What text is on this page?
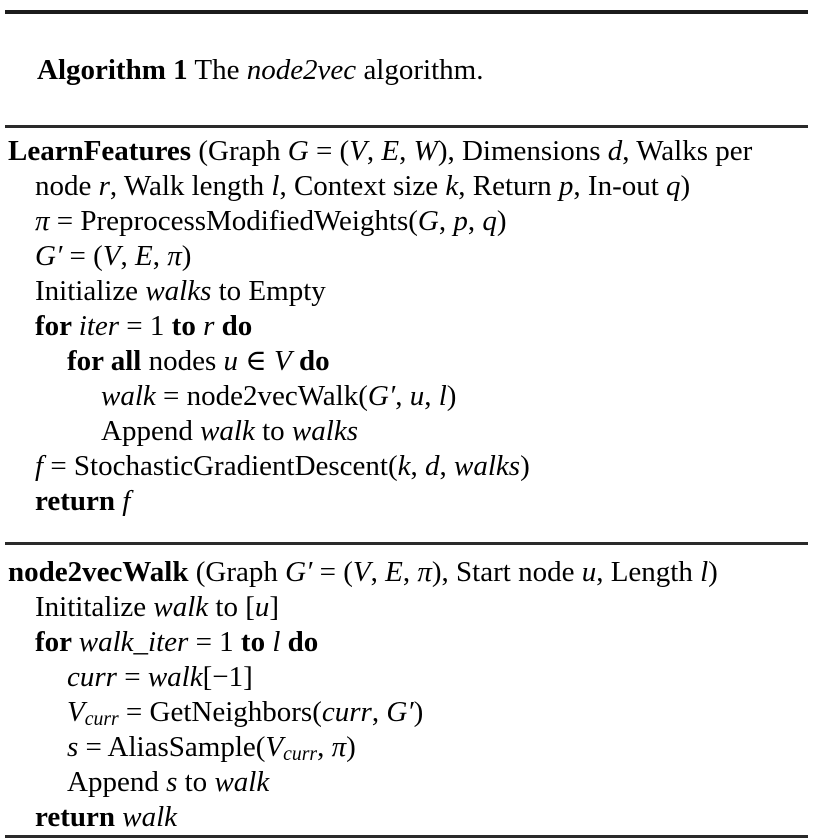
Algorithm 1 The node2vec algorithm.

LearnFeatures (Graph G = (V, E, W), Dimensions d, Walks per
node r, Walk length l, Context size k, Return p, In-out q)
π = PreprocessModifiedWeights(G, p, q)
G′ = (V, E, π)
Initialize walks to Empty
for iter = 1 to r do
for all nodes u ∈ V do
walk = node2vecWalk(G′, u, l)
Append walk to walks
f = StochasticGradientDescent(k, d, walks)
return f
node2vecWalk (Graph G′ = (V, E, π), Start node u, Length l)
Inititalize walk to [u]
for walk_iter = 1 to l do
curr = walk[−1]
$V_{curr}$ = GetNeighbors(curr, G′)
$s = AliasSample(V_{curr}$, π)
Append s to walk
return walk
